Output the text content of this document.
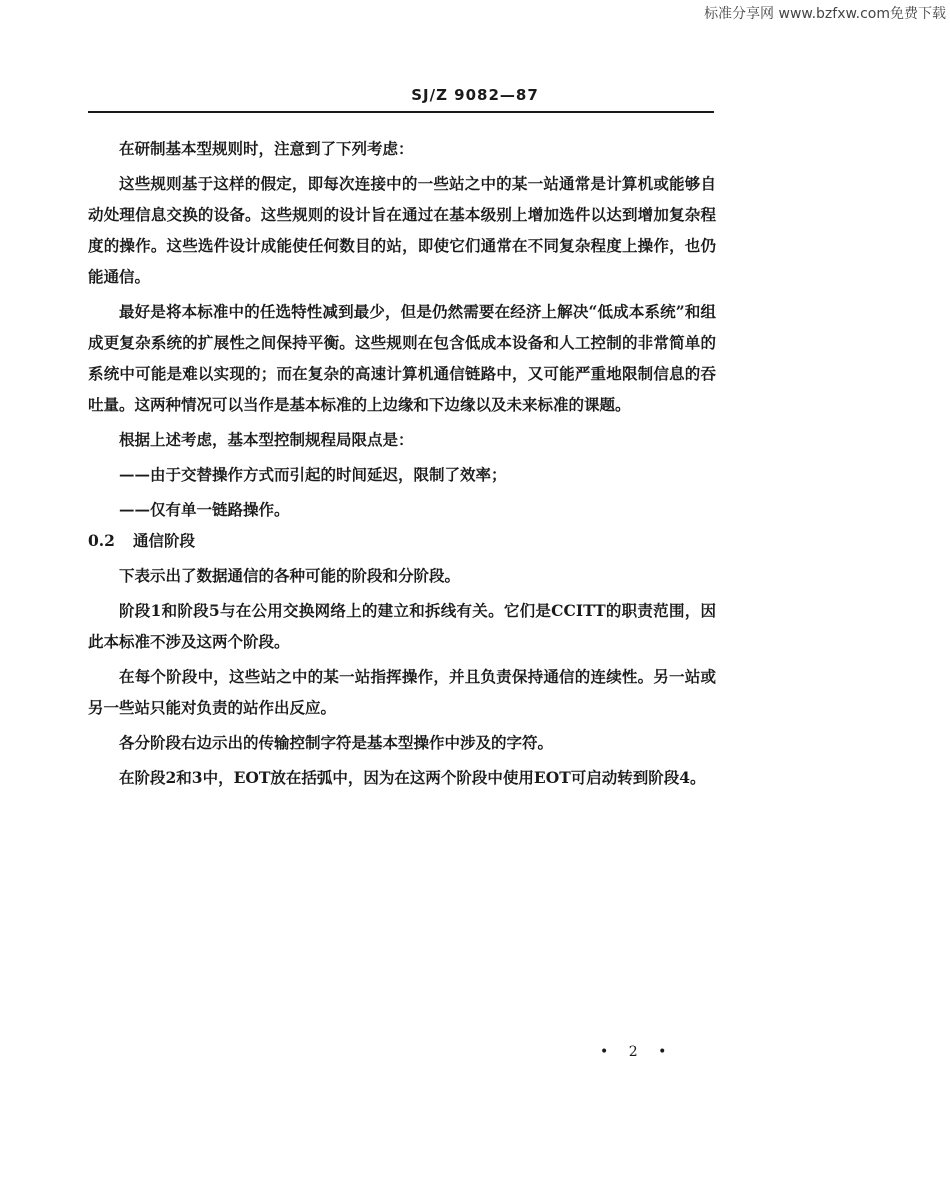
标准分享网 www.bzfxw.com免费下载
SJ/Z 9082—87

在研制基本型规则时，注意到了下列考虑：

这些规则基于这样的假定，即每次连接中的一些站之中的某一站通常是计算机或能够自动处理信息交换的设备。这些规则的设计旨在通过在基本级别上增加选件以达到增加复杂程度的操作。这些选件设计成能使任何数目的站，即使它们通常在不同复杂程度上操作，也仍能通信。

最好是将本标准中的任选特性减到最少，但是仍然需要在经济上解决“低成本系统”和组成更复杂系统的扩展性之间保持平衡。这些规则在包含低成本设备和人工控制的非常简单的系统中可能是难以实现的；而在复杂的高速计算机通信链路中，又可能严重地限制信息的吞吐量。这两种情况可以当作是基本标准的上边缘和下边缘以及未来标准的课题。

根据上述考虑，基本型控制规程局限点是：

——由于交替操作方式而引起的时间延迟，限制了效率；

——仅有单一链路操作。

0.2 通信阶段

下表示出了数据通信的各种可能的阶段和分阶段。

阶段1和阶段5与在公用交换网络上的建立和拆线有关。它们是CCITT的职责范围，因此本标准不涉及这两个阶段。

在每个阶段中，这些站之中的某一站指挥操作，并且负责保持通信的连续性。另一站或另一些站只能对负责的站作出反应。

各分阶段右边示出的传输控制字符是基本型操作中涉及的字符。

在阶段2和3中，EOT放在括弧中，因为在这两个阶段中使用EOT可启动转到阶段4。

• 2 •
